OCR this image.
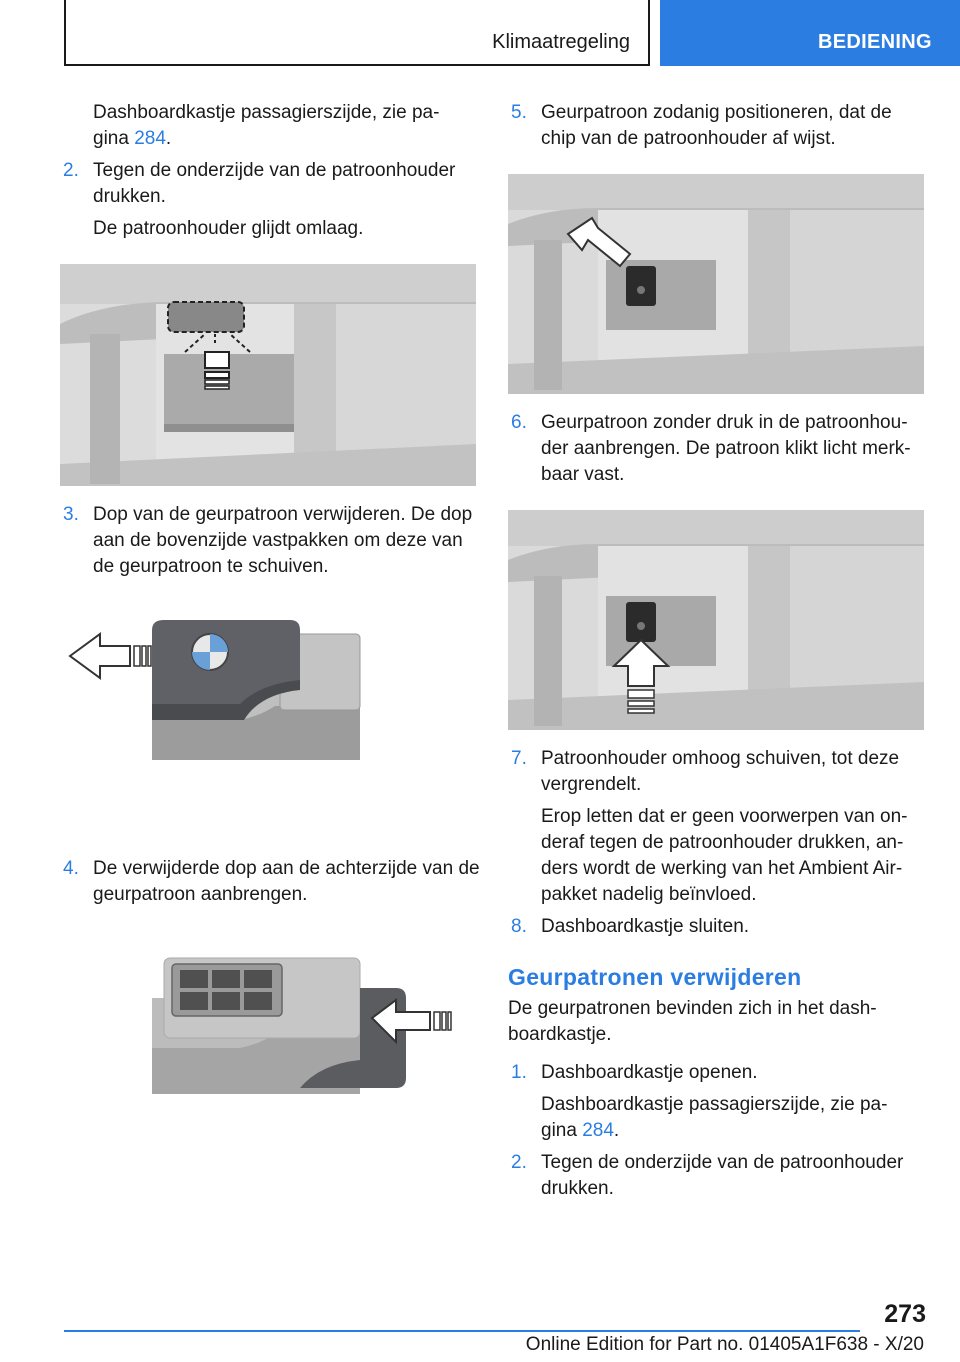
Klimaatregeling	BEDIENING

Dashboardkastje passagierszijde, zie pa-
gina 284.

2. Tegen de onderzijde van de patroonhouder drukken.

De patroonhouder glijdt omlaag.

3. Dop van de geurpatroon verwijderen. De dop aan de bovenzijde vastpakken om deze van de geurpatroon te schuiven.
4. De verwijderde dop aan de achterzijde van de geurpatroon aanbrengen.
5. Geurpatroon zodanig positioneren, dat de chip van de patroonhouder af wijst.
6. Geurpatroon zonder druk in de patroonhou-der aanbrengen. De patroon klikt licht merk-baar vast.
7. Patroonhouder omhoog schuiven, tot deze vergrendelt.

Erop letten dat er geen voorwerpen van on-deraf tegen de patroonhouder drukken, an-ders wordt de werking van het Ambient Air-pakket nadelig beïnvloed.

8. Dashboardkastje sluiten.
Geurpatronen verwijderen

De geurpatronen bevinden zich in het dash-boardkastje.

1. Dashboardkastje openen.

Dashboardkastje passagierszijde, zie pa-
gina 284.

2. Tegen de onderzijde van de patroonhouder drukken.
273
Online Edition for Part no. 01405A1F638 - X/20
